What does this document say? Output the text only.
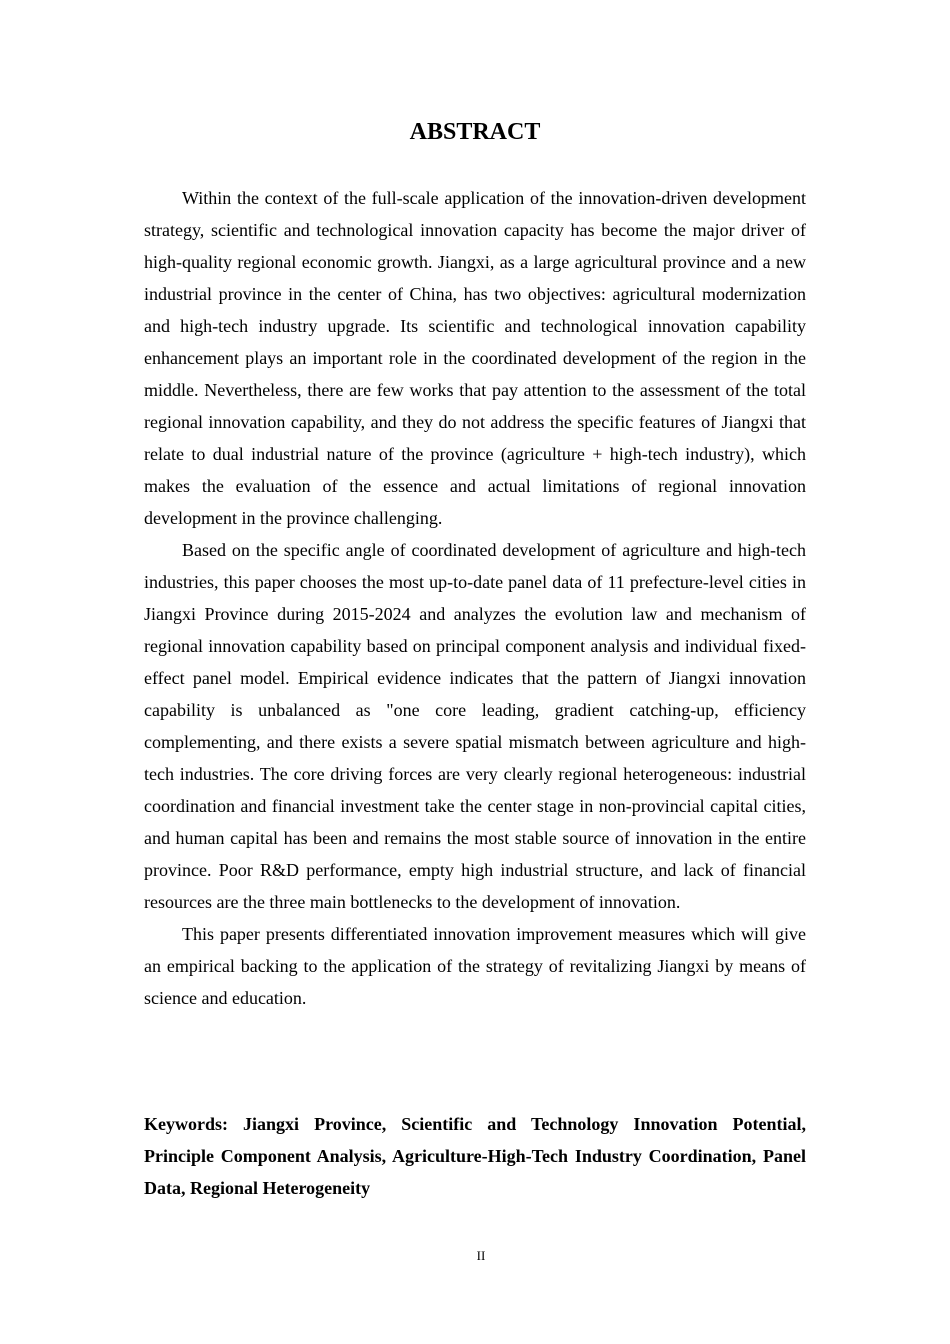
ABSTRACT

Within the context of the full-scale application of the innovation-driven development strategy, scientific and technological innovation capacity has become the major driver of high-quality regional economic growth. Jiangxi, as a large agricultural province and a new industrial province in the center of China, has two objectives: agricultural modernization and high-tech industry upgrade. Its scientific and technological innovation capability enhancement plays an important role in the coordinated development of the region in the middle. Nevertheless, there are few works that pay attention to the assessment of the total regional innovation capability, and they do not address the specific features of Jiangxi that relate to dual industrial nature of the province (agriculture + high-tech industry), which makes the evaluation of the essence and actual limitations of regional innovation development in the province challenging.

Based on the specific angle of coordinated development of agriculture and high-tech industries, this paper chooses the most up-to-date panel data of 11 prefecture-level cities in Jiangxi Province during 2015-2024 and analyzes the evolution law and mechanism of regional innovation capability based on principal component analysis and individual fixed-effect panel model. Empirical evidence indicates that the pattern of Jiangxi innovation capability is unbalanced as "one core leading, gradient catching-up, efficiency complementing, and there exists a severe spatial mismatch between agriculture and high-tech industries. The core driving forces are very clearly regional heterogeneous: industrial coordination and financial investment take the center stage in non-provincial capital cities, and human capital has been and remains the most stable source of innovation in the entire province. Poor R&D performance, empty high industrial structure, and lack of financial resources are the three main bottlenecks to the development of innovation.

This paper presents differentiated innovation improvement measures which will give an empirical backing to the application of the strategy of revitalizing Jiangxi by means of science and education.

Keywords: Jiangxi Province, Scientific and Technology Innovation Potential, Principle Component Analysis, Agriculture-High-Tech Industry Coordination, Panel Data, Regional Heterogeneity

II
